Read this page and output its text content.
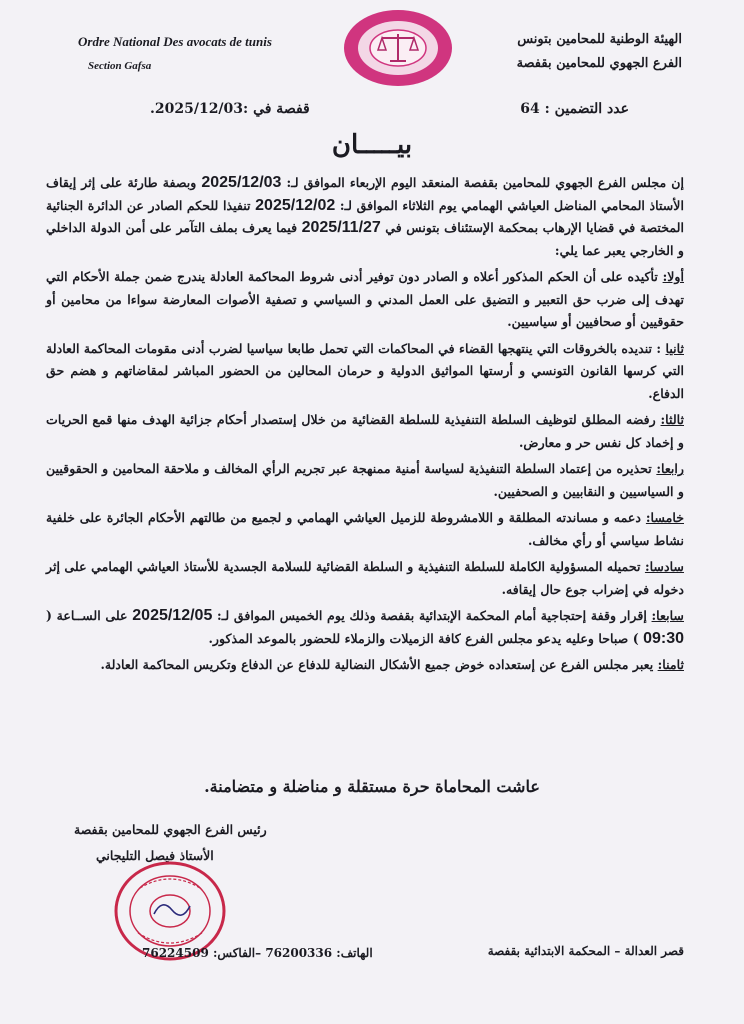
Ordre National Des avocats de tunis
Section Gafsa
الهيئة الوطنية للمحامين بتونس
الفرع الجهوي للمحامين بقفصة
قفصة في :2025/12/03.	عدد التضمين : 64
بيـــــان

إن مجلس الفرع الجهوي للمحامين بقفصة المنعقد اليوم الإربعاء الموافق لـ: 2025/12/03 وبصفة طارئة على إثر إيقاف الأستاذ المحامي المناضل العياشي الهمامي يوم الثلاثاء الموافق لـ: 2025/12/02 تنفيذا للحكم الصادر عن الدائرة الجنائية المختصة في قضايا الإرهاب بمحكمة الإستئناف بتونس في 2025/11/27 فيما يعرف بملف التآمر على أمن الدولة الداخلي و الخارجي يعبر عما يلي:

أولا: تأكيده على أن الحكم المذكور أعلاه و الصادر دون توفير أدنى شروط المحاكمة العادلة يندرج ضمن جملة الأحكام التي تهدف إلى ضرب حق التعبير و التضيق على العمل المدني و السياسي و تصفية الأصوات المعارضة سواءا من محامين أو حقوقيين أو صحافيين أو سياسيين.

ثانيا : تنديده بالخروقات التي ينتهجها القضاء في المحاكمات التي تحمل طابعا سياسيا لضرب أدنى مقومات المحاكمة العادلة التي كرسها القانون التونسي و أرستها المواثيق الدولية و حرمان المحالين من الحضور المباشر لمقاضاتهم و هضم حق الدفاع.

ثالثا: رفضه المطلق لتوظيف السلطة التنفيذية للسلطة القضائية من خلال إستصدار أحكام جزائية الهدف منها قمع الحريات و إخماد كل نفس حر و معارض.

رابعا: تحذيره من إعتماد السلطة التنفيذية لسياسة أمنية ممنهجة عبر تجريم الرأي المخالف و ملاحقة المحامين و الحقوقيين و السياسيين و النقابيين و الصحفيين.

خامسا: دعمه و مساندته المطلقة و اللامشروطة للزميل العياشي الهمامي و لجميع من طالتهم الأحكام الجائرة على خلفية نشاط سياسي أو رأي مخالف.

سادسا: تحميله المسؤولية الكاملة للسلطة التنفيذية و السلطة القضائية للسلامة الجسدية للأستاذ العياشي الهمامي على إثر دخوله في إضراب جوع حال إيقافه.

سابعا: إقرار وقفة إحتجاجية أمام المحكمة الإبتدائية بقفصة وذلك يوم الخميس الموافق لـ: 2025/12/05 على الســاعة ( 09:30 ) صباحا وعليه يدعو مجلس الفرع كافة الزميلات والزملاء للحضور بالموعد المذكور.

ثامنا: يعبر مجلس الفرع عن إستعداده خوض جميع الأشكال النضالية للدفاع عن الدفاع وتكريس المحاكمة العادلة.

عاشت المحاماة حرة مستقلة و مناضلة و متضامنة.
رئيس الفرع الجهوي للمحامين بقفصة
الأستاذ فيصل التليجاني
الهاتف: 76200336 –الفاكس: 76224509	قصر العدالة – المحكمة الابتدائية بقفصة
